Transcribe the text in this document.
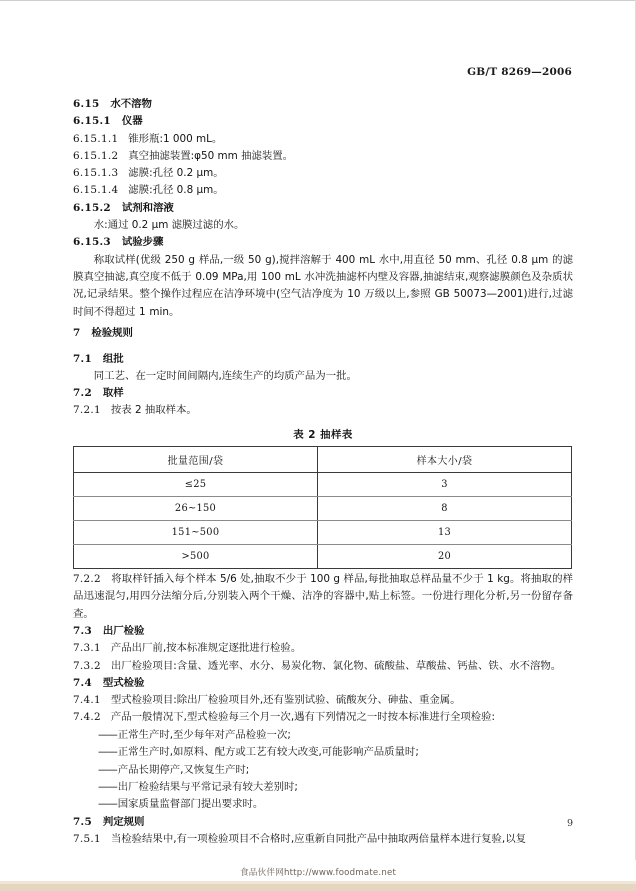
GB/T 8269—2006
6.15 水不溶物
6.15.1 仪器
6.15.1.1 锥形瓶:1 000 mL。
6.15.1.2 真空抽滤装置:φ50 mm 抽滤装置。
6.15.1.3 滤膜:孔径 0.2 μm。
6.15.1.4 滤膜:孔径 0.8 μm。
6.15.2 试剂和溶液
水:通过 0.2 μm 滤膜过滤的水。
6.15.3 试验步骤
称取试样(优级 250 g 样品,一级 50 g),搅拌溶解于 400 mL 水中,用直径 50 mm、孔径 0.8 μm 的滤膜真空抽滤,真空度不低于 0.09 MPa,用 100 mL 水冲洗抽滤杯内壁及容器,抽滤结束,观察滤膜颜色及杂质状况,记录结果。整个操作过程应在洁净环境中(空气洁净度为 10 万级以上,参照 GB 50073—2001)进行,过滤时间不得超过 1 min。
7 检验规则
7.1 组批
同工艺、在一定时间间隔内,连续生产的均质产品为一批。
7.2 取样
7.2.1 按表 2 抽取样本。
表 2 抽样表
批量范围/袋	样本大小/袋
≤25	3
26~150	8
151~500	13
>500	20
7.2.2 将取样钎插入每个样本 5/6 处,抽取不少于 100 g 样品,每批抽取总样品量不少于 1 kg。将抽取的样品迅速混匀,用四分法缩分后,分别装入两个干燥、洁净的容器中,贴上标签。一份进行理化分析,另一份留存备查。
7.3 出厂检验
7.3.1 产品出厂前,按本标准规定逐批进行检验。
7.3.2 出厂检验项目:含量、透光率、水分、易炭化物、氯化物、硫酸盐、草酸盐、钙盐、铁、水不溶物。
7.4 型式检验
7.4.1 型式检验项目:除出厂检验项目外,还有鉴别试验、硫酸灰分、砷盐、重金属。
7.4.2 产品一般情况下,型式检验每三个月一次,遇有下列情况之一时按本标准进行全项检验:
——正常生产时,至少每年对产品检验一次;
——正常生产时,如原料、配方或工艺有较大改变,可能影响产品质量时;
——产品长期停产,又恢复生产时;
——出厂检验结果与平常记录有较大差别时;
——国家质量监督部门提出要求时。
7.5 判定规则
7.5.1 当检验结果中,有一项检验项目不合格时,应重新自同批产品中抽取两倍量样本进行复验,以复
9
食品伙伴网http://www.foodmate.net
